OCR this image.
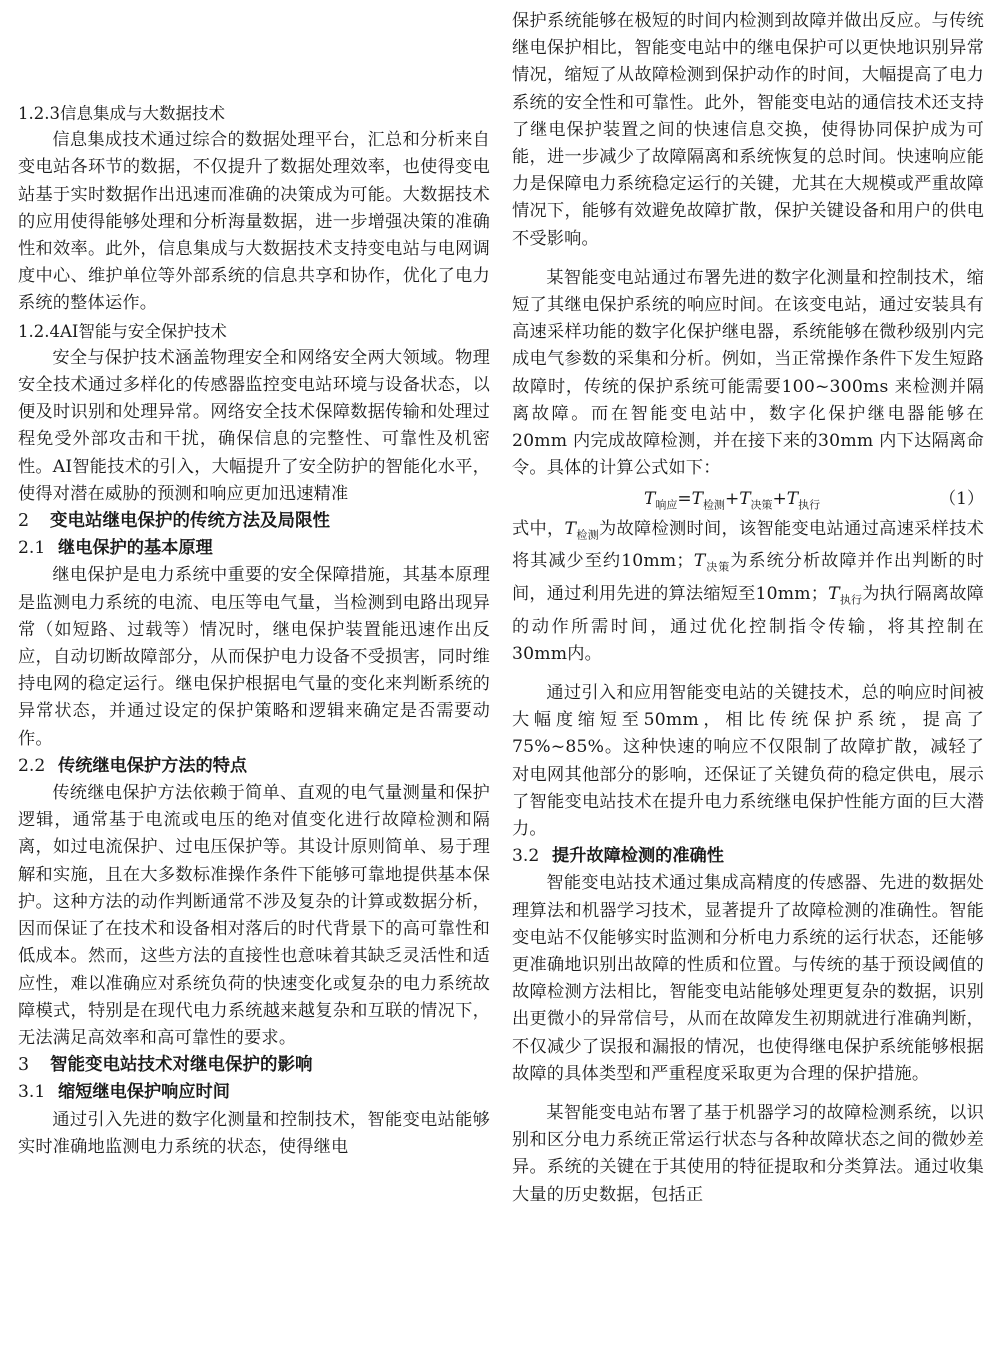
1.2.3信息集成与大数据技术

信息集成技术通过综合的数据处理平台，汇总和分析来自变电站各环节的数据，不仅提升了数据处理效率，也使得变电站基于实时数据作出迅速而准确的决策成为可能。大数据技术的应用使得能够处理和分析海量数据，进一步增强决策的准确性和效率。此外，信息集成与大数据技术支持变电站与电网调度中心、维护单位等外部系统的信息共享和协作，优化了电力系统的整体运作。

1.2.4AI智能与安全保护技术

安全与保护技术涵盖物理安全和网络安全两大领域。物理安全技术通过多样化的传感器监控变电站环境与设备状态，以便及时识别和处理异常。网络安全技术保障数据传输和处理过程免受外部攻击和干扰，确保信息的完整性、可靠性及机密性。AI智能技术的引入，大幅提升了安全防护的智能化水平，使得对潜在威胁的预测和响应更加迅速精准

2 变电站继电保护的传统方法及局限性

2.1 继电保护的基本原理

继电保护是电力系统中重要的安全保障措施，其基本原理是监测电力系统的电流、电压等电气量，当检测到电路出现异常（如短路、过载等）情况时，继电保护装置能迅速作出反应，自动切断故障部分，从而保护电力设备不受损害，同时维持电网的稳定运行。继电保护根据电气量的变化来判断系统的异常状态，并通过设定的保护策略和逻辑来确定是否需要动作。

2.2 传统继电保护方法的特点

传统继电保护方法依赖于简单、直观的电气量测量和保护逻辑，通常基于电流或电压的绝对值变化进行故障检测和隔离，如过电流保护、过电压保护等。其设计原则简单、易于理解和实施，且在大多数标准操作条件下能够可靠地提供基本保护。这种方法的动作判断通常不涉及复杂的计算或数据分析，因而保证了在技术和设备相对落后的时代背景下的高可靠性和低成本。然而，这些方法的直接性也意味着其缺乏灵活性和适应性，难以准确应对系统负荷的快速变化或复杂的电力系统故障模式，特别是在现代电力系统越来越复杂和互联的情况下，无法满足高效率和高可靠性的要求。

3 智能变电站技术对继电保护的影响

3.1 缩短继电保护响应时间

通过引入先进的数字化测量和控制技术，智能变电站能够实时准确地监测电力系统的状态，使得继电

保护系统能够在极短的时间内检测到故障并做出反应。与传统继电保护相比，智能变电站中的继电保护可以更快地识别异常情况，缩短了从故障检测到保护动作的时间，大幅提高了电力系统的安全性和可靠性。此外，智能变电站的通信技术还支持了继电保护装置之间的快速信息交换，使得协同保护成为可能，进一步减少了故障隔离和系统恢复的总时间。快速响应能力是保障电力系统稳定运行的关键，尤其在大规模或严重故障情况下，能够有效避免故障扩散，保护关键设备和用户的供电不受影响。

某智能变电站通过布署先进的数字化测量和控制技术，缩短了其继电保护系统的响应时间。在该变电站，通过安装具有高速采样功能的数字化保护继电器，系统能够在微秒级别内完成电气参数的采集和分析。例如，当正常操作条件下发生短路故障时，传统的保护系统可能需要100~300ms 来检测并隔离故障。而在智能变电站中，数字化保护继电器能够在20mm 内完成故障检测，并在接下来的30mm 内下达隔离命令。具体的计算公式如下：

$T_{响应}=T_{检测}+T_{决策}+T_{执行}$	（1）

式中，$T_{检测}$为故障检测时间，该智能变电站通过高速采样技术将其减少至约10mm；$T_{决策}$为系统分析故障并作出判断的时间，通过利用先进的算法缩短至10mm；$T_{执行}$为执行隔离故障的动作所需时间，通过优化控制指令传输，将其控制在30mm内。

通过引入和应用智能变电站的关键技术，总的响应时间被大幅度缩短至50mm，相比传统保护系统，提高了75%~85%。这种快速的响应不仅限制了故障扩散，减轻了对电网其他部分的影响，还保证了关键负荷的稳定供电，展示了智能变电站技术在提升电力系统继电保护性能方面的巨大潜力。

3.2 提升故障检测的准确性

智能变电站技术通过集成高精度的传感器、先进的数据处理算法和机器学习技术，显著提升了故障检测的准确性。智能变电站不仅能够实时监测和分析电力系统的运行状态，还能够更准确地识别出故障的性质和位置。与传统的基于预设阈值的故障检测方法相比，智能变电站能够处理更复杂的数据，识别出更微小的异常信号，从而在故障发生初期就进行准确判断，不仅减少了误报和漏报的情况，也使得继电保护系统能够根据故障的具体类型和严重程度采取更为合理的保护措施。

某智能变电站布署了基于机器学习的故障检测系统，以识别和区分电力系统正常运行状态与各种故障状态之间的微妙差异。系统的关键在于其使用的特征提取和分类算法。通过收集大量的历史数据，包括正
